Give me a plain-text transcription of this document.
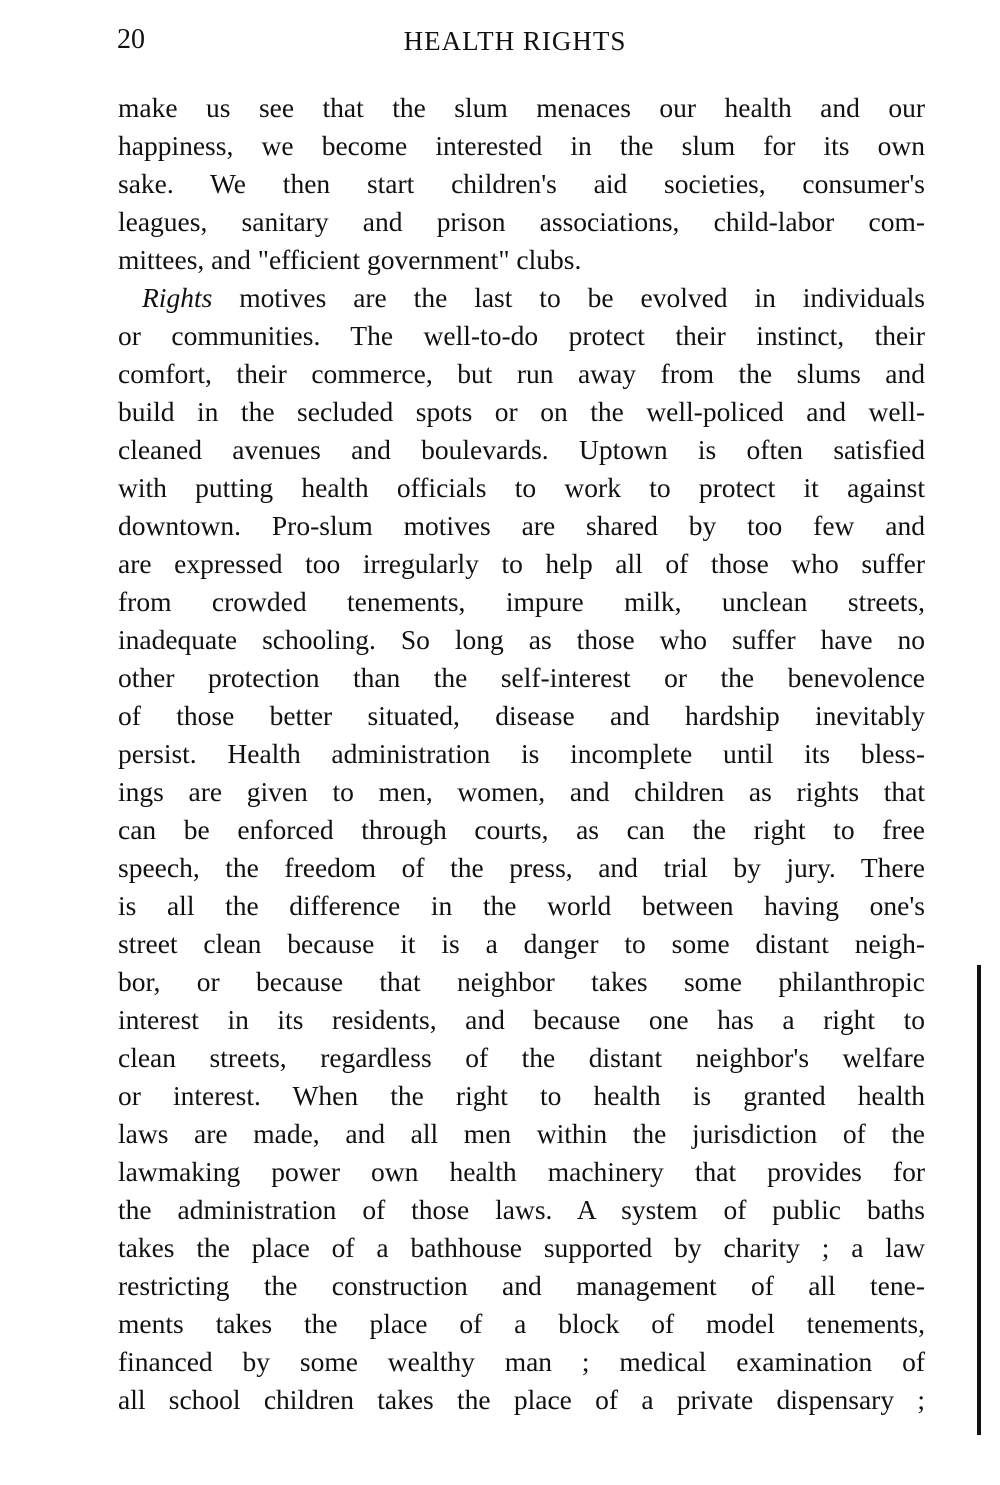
20	HEALTH RIGHTS
make us see that the slum menaces our health and our
happiness, we become interested in the slum for its own
sake. We then start children's aid societies, consumer's
leagues, sanitary and prison associations, child-labor com-
mittees, and "efficient government" clubs.
Rights motives are the last to be evolved in individuals
or communities. The well-to-do protect their instinct, their
comfort, their commerce, but run away from the slums and
build in the secluded spots or on the well-policed and well-
cleaned avenues and boulevards. Uptown is often satisfied
with putting health officials to work to protect it against
downtown. Pro-slum motives are shared by too few and
are expressed too irregularly to help all of those who suffer
from crowded tenements, impure milk, unclean streets,
inadequate schooling. So long as those who suffer have no
other protection than the self-interest or the benevolence
of those better situated, disease and hardship inevitably
persist. Health administration is incomplete until its bless-
ings are given to men, women, and children as rights that
can be enforced through courts, as can the right to free
speech, the freedom of the press, and trial by jury. There
is all the difference in the world between having one's
street clean because it is a danger to some distant neigh-
bor, or because that neighbor takes some philanthropic
interest in its residents, and because one has a right to
clean streets, regardless of the distant neighbor's welfare
or interest. When the right to health is granted health
laws are made, and all men within the jurisdiction of the
lawmaking power own health machinery that provides for
the administration of those laws. A system of public baths
takes the place of a bathhouse supported by charity ; a law
restricting the construction and management of all tene-
ments takes the place of a block of model tenements,
financed by some wealthy man ; medical examination of
all school children takes the place of a private dispensary ;
